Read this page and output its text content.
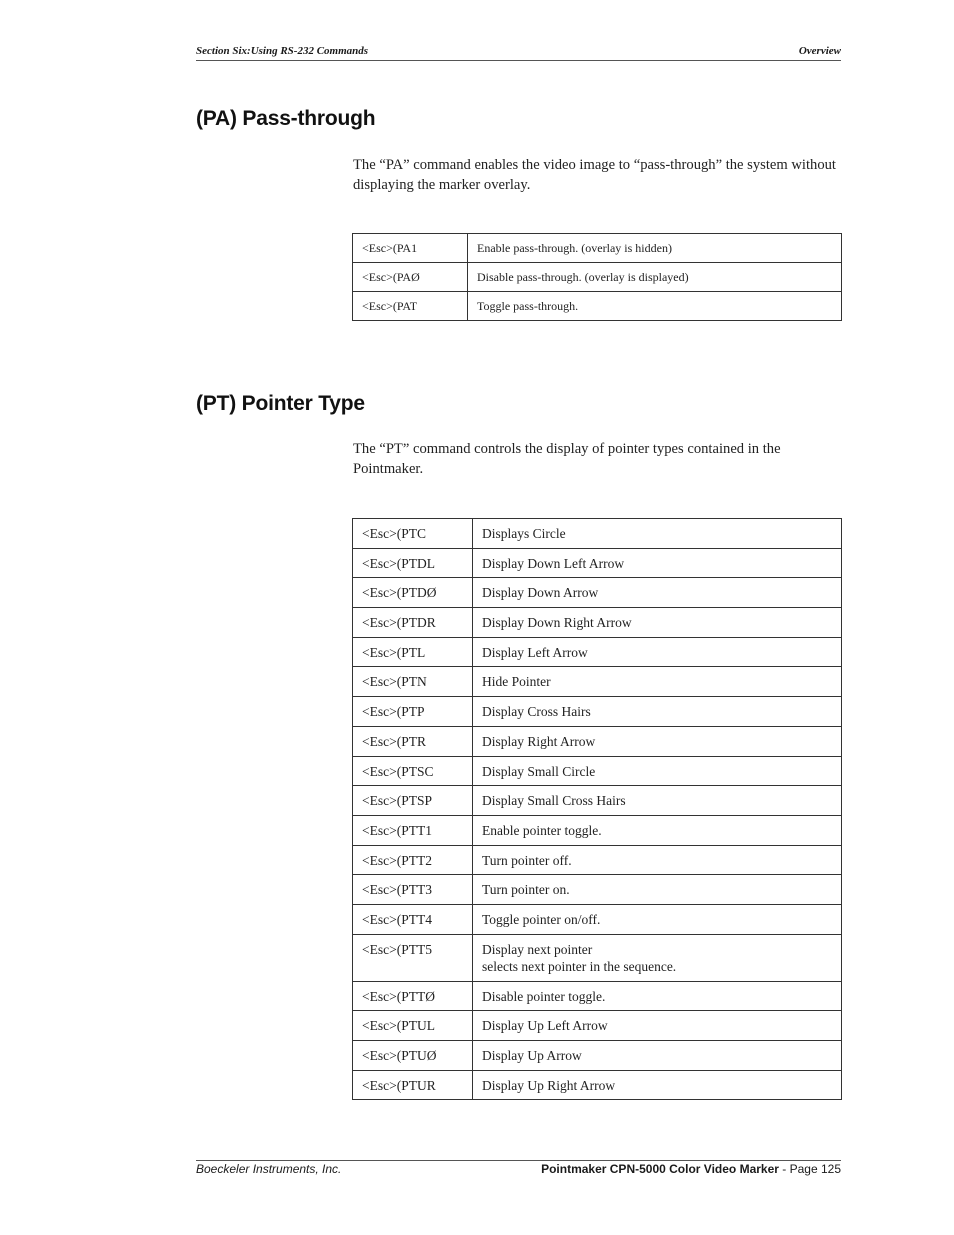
Section Six:Using RS-232 Commands	Overview
(PA) Pass-through

The “PA” command enables the video image to “pass-through” the system without displaying the marker overlay.

<Esc>(PA1	Enable pass-through. (overlay is hidden)
<Esc>(PAØ	Disable pass-through. (overlay is displayed)
<Esc>(PAT	Toggle pass-through.
(PT) Pointer Type

The “PT” command controls the display of pointer types contained in the Pointmaker.

<Esc>(PTC	Displays Circle
<Esc>(PTDL	Display Down Left Arrow
<Esc>(PTDØ	Display Down Arrow
<Esc>(PTDR	Display Down Right Arrow
<Esc>(PTL	Display Left Arrow
<Esc>(PTN	Hide Pointer
<Esc>(PTP	Display Cross Hairs
<Esc>(PTR	Display Right Arrow
<Esc>(PTSC	Display Small Circle
<Esc>(PTSP	Display Small Cross Hairs
<Esc>(PTT1	Enable pointer toggle.
<Esc>(PTT2	Turn pointer off.
<Esc>(PTT3	Turn pointer on.
<Esc>(PTT4	Toggle pointer on/off.
<Esc>(PTT5	Display next pointer
selects next pointer in the sequence.

<Esc>(PTTØ	Disable pointer toggle.
<Esc>(PTUL	Display Up Left Arrow
<Esc>(PTUØ	Display Up Arrow
<Esc>(PTUR	Display Up Right Arrow
Boeckeler Instruments, Inc.	Pointmaker CPN-5000 Color Video Marker - Page 125
